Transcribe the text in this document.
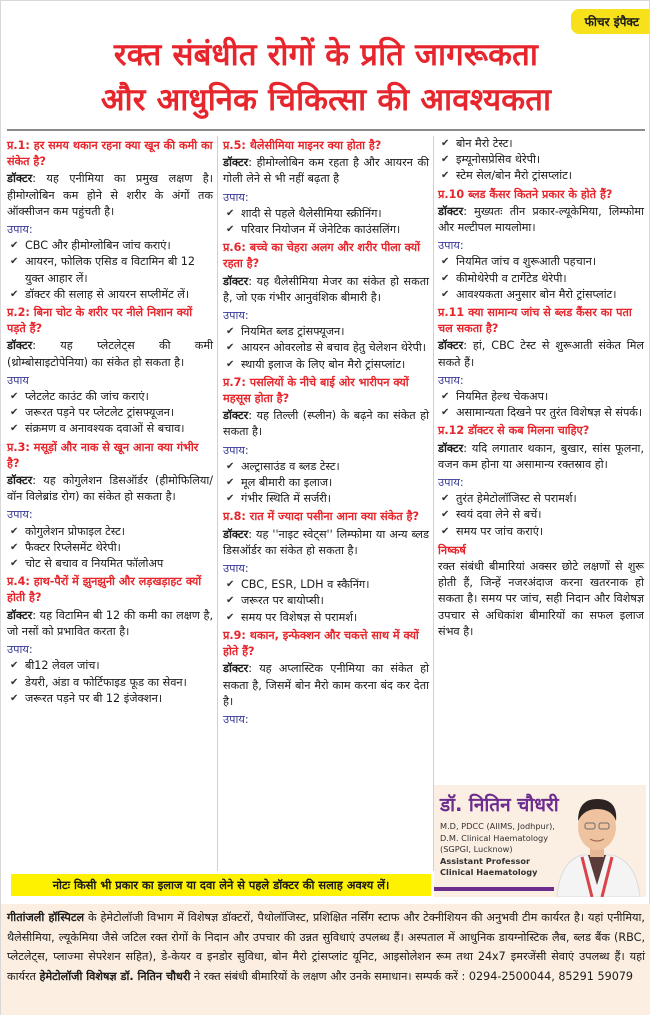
फीचर इंपैक्ट
रक्त संबंधीत रोगों के प्रति जागरूकता
और आधुनिक चिकित्सा की आवश्यकता
प्र.1: हर समय थकान रहना क्या खून की कमी का संकेत है?
डॉक्टर: यह एनीमिया का प्रमुख लक्षण है। हीमोग्लोबिन कम होने से शरीर के अंगों तक ऑक्सीजन कम पहुंचती है।
उपाय:
✔ CBC और हीमोग्लोबिन जांच कराएं।
✔ आयरन, फोलिक एसिड व विटामिन बी 12 युक्त आहार लें।
✔ डॉक्टर की सलाह से आयरन सप्लीमेंट लें।
प्र.2: बिना चोट के शरीर पर नीले निशान क्यों पड़ते हैं?
डॉक्टर: यह प्लेटलेट्स की कमी (थ्रोम्बोसाइटोपेनिया) का संकेत हो सकता है।
उपाय
✔ प्लेटलेट काउंट की जांच कराएं।
✔ जरूरत पड़ने पर प्लेटलेट ट्रांसफ्यूजन।
✔ संक्रमण व अनावश्यक दवाओं से बचाव।
प्र.3: मसूड़ों और नाक से खून आना क्या गंभीर है?
डॉक्टर: यह कोगुलेशन डिसऑर्डर (हीमोफिलिया/वॉन विलेब्रांड रोग) का संकेत हो सकता है।
उपाय:
✔ कोगुलेशन प्रोफाइल टेस्ट।
✔ फैक्टर रिप्लेसमेंट थेरेपी।
✔ चोट से बचाव व नियमित फॉलोअप
प्र.4: हाथ-पैरों में झुनझुनी और लड़खड़ाहट क्यों होती है?
डॉक्टर: यह विटामिन बी 12 की कमी का लक्षण है, जो नसों को प्रभावित करता है।
उपाय:
✔ बी12 लेवल जांच।
✔ डेयरी, अंडा व फोर्टिफाइड फूड का सेवन।
✔ जरूरत पड़ने पर बी 12 इंजेक्शन।
प्र.5: थैलेसीमिया माइनर क्या होता है?
डॉक्टर: हीमोग्लोबिन कम रहता है और आयरन की गोली लेने से भी नहीं बढ़ता है
उपाय:
✔ शादी से पहले थैलेसीमिया स्क्रीनिंग।
✔ परिवार नियोजन में जेनेटिक काउंसलिंग।
प्र.6: बच्चे का चेहरा अलग और शरीर पीला क्यों रहता है?
डॉक्टर: यह थैलेसीमिया मेजर का संकेत हो सकता है, जो एक गंभीर आनुवंशिक बीमारी है।
उपाय:
✔ नियमित ब्लड ट्रांसफ्यूजन।
✔ आयरन ओवरलोड से बचाव हेतु चेलेशन थेरेपी।
✔ स्थायी इलाज के लिए बोन मैरो ट्रांसप्लांट।
प्र.7: पसलियों के नीचे बाई ओर भारीपन क्यों महसूस होता है?
डॉक्टर: यह तिल्ली (स्प्लीन) के बढ़ने का संकेत हो सकता है।
उपाय:
✔ अल्ट्रासाउंड व ब्लड टेस्ट।
✔ मूल बीमारी का इलाज।
✔ गंभीर स्थिति में सर्जरी।
प्र.8: रात में ज्यादा पसीना आना क्या संकेत है?
डॉक्टर: यह ''नाइट स्वेट्स'' लिम्फोमा या अन्य ब्लड डिसऑर्डर का संकेत हो सकता है।
उपाय:
✔ CBC, ESR, LDH व स्कैनिंग।
✔ जरूरत पर बायोप्सी।
✔ समय पर विशेषज्ञ से परामर्श।
प्र.9: थकान, इन्फेक्शन और चकत्ते साथ में क्यों होते हैं?
डॉक्टर: यह अप्लास्टिक एनीमिया का संकेत हो सकता है, जिसमें बोन मैरो काम करना बंद कर देता है।
उपाय:
✔ बोन मैरो टेस्ट।
✔ इम्यूनोसप्रेसिव थेरेपी।
✔ स्टेम सेल/बोन मैरो ट्रांसप्लांट।
प्र.10 ब्लड कैंसर कितने प्रकार के होते हैं?
डॉक्टर: मुख्यतः तीन प्रकार-ल्यूकेमिया, लिम्फोमा और मल्टीपल मायलोमा।
उपाय:
✔ नियमित जांच व शुरूआती पहचान।
✔ कीमोथेरेपी व टार्गेटेड थेरेपी।
✔ आवश्यकता अनुसार बोन मैरो ट्रांसप्लांट।
प्र.11 क्या सामान्य जांच से ब्लड कैंसर का पता चल सकता है?
डॉक्टर: हां, CBC टेस्ट से शुरूआती संकेत मिल सकते हैं।
उपाय:
✔ नियमित हेल्थ चेकअप।
✔ असामान्यता दिखने पर तुरंत विशेषज्ञ से संपर्क।
प्र.12 डॉक्टर से कब मिलना चाहिए?
डॉक्टर: यदि लगातार थकान, बुखार, सांस फूलना, वजन कम होना या असामान्य रक्तस्राव हो।
उपाय:
✔ तुरंत हेमेटोलॉजिस्ट से परामर्श।
✔ स्वयं दवा लेने से बचें।
✔ समय पर जांच कराएं।
निष्कर्ष
रक्त संबंधी बीमारियां अक्सर छोटे लक्षणों से शुरू होती हैं, जिन्हें नजरअंदाज करना खतरनाक हो सकता है। समय पर जांच, सही निदान और विशेषज्ञ उपचार से अधिकांश बीमारियों का सफल इलाज संभव है।
डॉ. नितिन चौधरी
M.D, PDCC (AIIMS, Jodhpur),
D.M. Clinical Haematology
(SGPGI, Lucknow)
Assistant Professor
Clinical Haematology
नोटः किसी भी प्रकार का इलाज या दवा लेने से पहले डॉक्टर की सलाह अवश्य लें।
गीतांजली हॉस्पिटल के हेमेटोलॉजी विभाग में विशेषज्ञ डॉक्टरों, पैथोलॉजिस्ट, प्रशिक्षित नर्सिंग स्टाफ और टेक्नीशियन की अनुभवी टीम कार्यरत है। यहां एनीमिया, थैलेसीमिया, ल्यूकेमिया जैसे जटिल रक्त रोगों के निदान और उपचार की उन्नत सुविधाएं उपलब्ध हैं। अस्पताल में आधुनिक डायग्नोस्टिक लैब, ब्लड बैंक (RBC, प्लेटलेट्स, प्लाज्मा सेपरेशन सहित), डे-केयर व इनडोर सुविधा, बोन मैरो ट्रांसप्लांट यूनिट, आइसोलेशन रूम तथा 24x7 इमरजेंसी सेवाएं उपलब्ध हैं। यहां कार्यरत हेमेटोलॉजी विशेषज्ञ डॉ. नितिन चौधरी ने रक्त संबंधी बीमारियों के लक्षण और उनके समाधान। सम्पर्क करें : 0294-2500044, 85291 59079
